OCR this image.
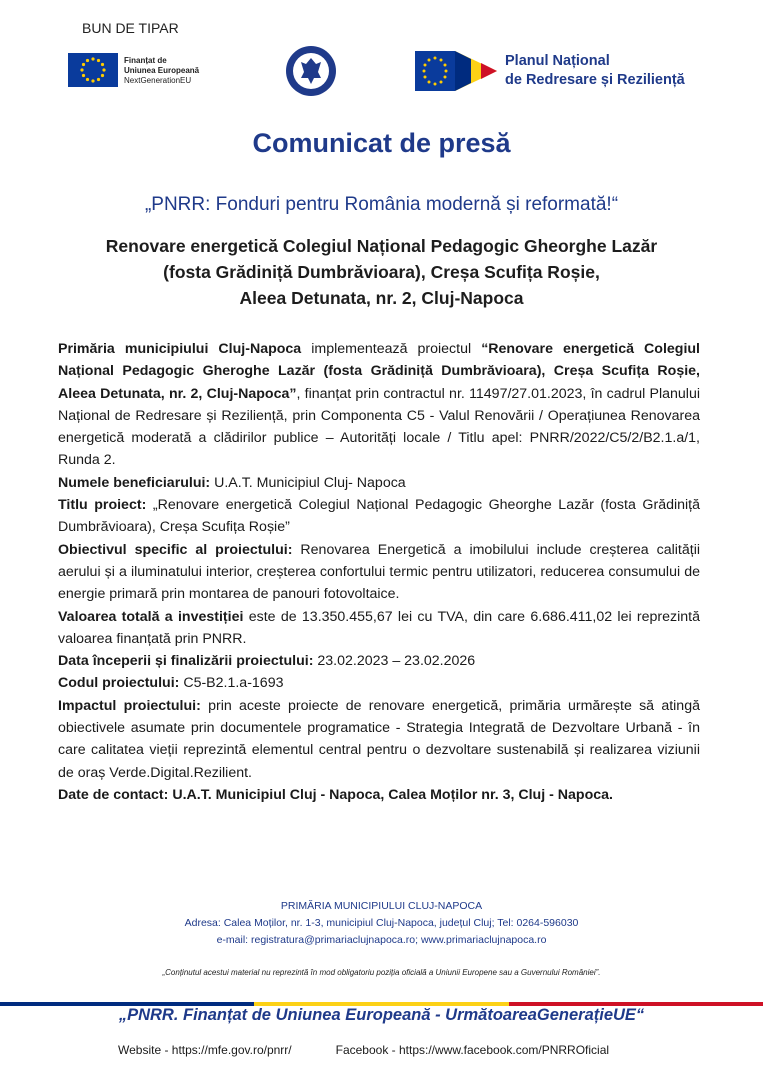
BUN DE TIPAR
Finanțat de
Uniunea Europeană
NextGenerationEU
Planul Național
de Redresare și Reziliență
Comunicat de presă
„PNRR: Fonduri pentru România modernă și reformată!“
Renovare energetică Colegiul Național Pedagogic Gheorghe Lazăr
(fosta Grădiniță Dumbrăvioara), Creșa Scufița Roșie,
Aleea Detunata, nr. 2, Cluj-Napoca

Primăria municipiului Cluj-Napoca implementează proiectul “Renovare energetică Colegiul Național Pedagogic Gheroghe Lazăr (fosta Grădiniță Dumbrăvioara), Creșa Scufița Roșie, Aleea Detunata, nr. 2, Cluj-Napoca”, finanțat prin contractul nr. 11497/27.01.2023, în cadrul Planului Național de Redresare și Reziliență, prin Componenta C5 - Valul Renovării / Operațiunea Renovarea energetică moderată a clădirilor publice – Autorități locale / Titlu apel: PNRR/2022/C5/2/B2.1.a/1, Runda 2.

Numele beneficiarului: U.A.T. Municipiul Cluj- Napoca

Titlu proiect: „Renovare energetică Colegiul Național Pedagogic Gheorghe Lazăr (fosta Grădiniță Dumbrăvioara), Creșa Scufița Roșie”

Obiectivul specific al proiectului: Renovarea Energetică a imobilului include creșterea calității aerului și a iluminatului interior, creșterea confortului termic pentru utilizatori, reducerea consumului de energie primară prin montarea de panouri fotovoltaice.

Valoarea totală a investiției este de 13.350.455,67 lei cu TVA, din care 6.686.411,02 lei reprezintă valoarea finanțată prin PNRR.

Data începerii și finalizării proiectului: 23.02.2023 – 23.02.2026

Codul proiectului: C5-B2.1.a-1693

Impactul proiectului: prin aceste proiecte de renovare energetică, primăria urmărește să atingă obiectivele asumate prin documentele programatice - Strategia Integrată de Dezvoltare Urbană - în care calitatea vieții reprezintă elementul central pentru o dezvoltare sustenabilă și realizarea viziunii de oraș Verde.Digital.Rezilient.

Date de contact: U.A.T. Municipiul Cluj - Napoca, Calea Moților nr. 3, Cluj - Napoca.

PRIMĂRIA MUNICIPIULUI CLUJ-NAPOCA
Adresa: Calea Moților, nr. 1-3, municipiul Cluj-Napoca, județul Cluj; Tel: 0264-596030
e-mail: registratura@primariaclujnapoca.ro; www.primariaclujnapoca.ro
„Conținutul acestui material nu reprezintă în mod obligatoriu poziția oficială a Uniunii Europene sau a Guvernului României”.
„PNRR. Finanțat de Uniunea Europeană - UrmătoareaGenerațieUE“
Website - https://mfe.gov.ro/pnrr/	Facebook - https://www.facebook.com/PNRROficial
